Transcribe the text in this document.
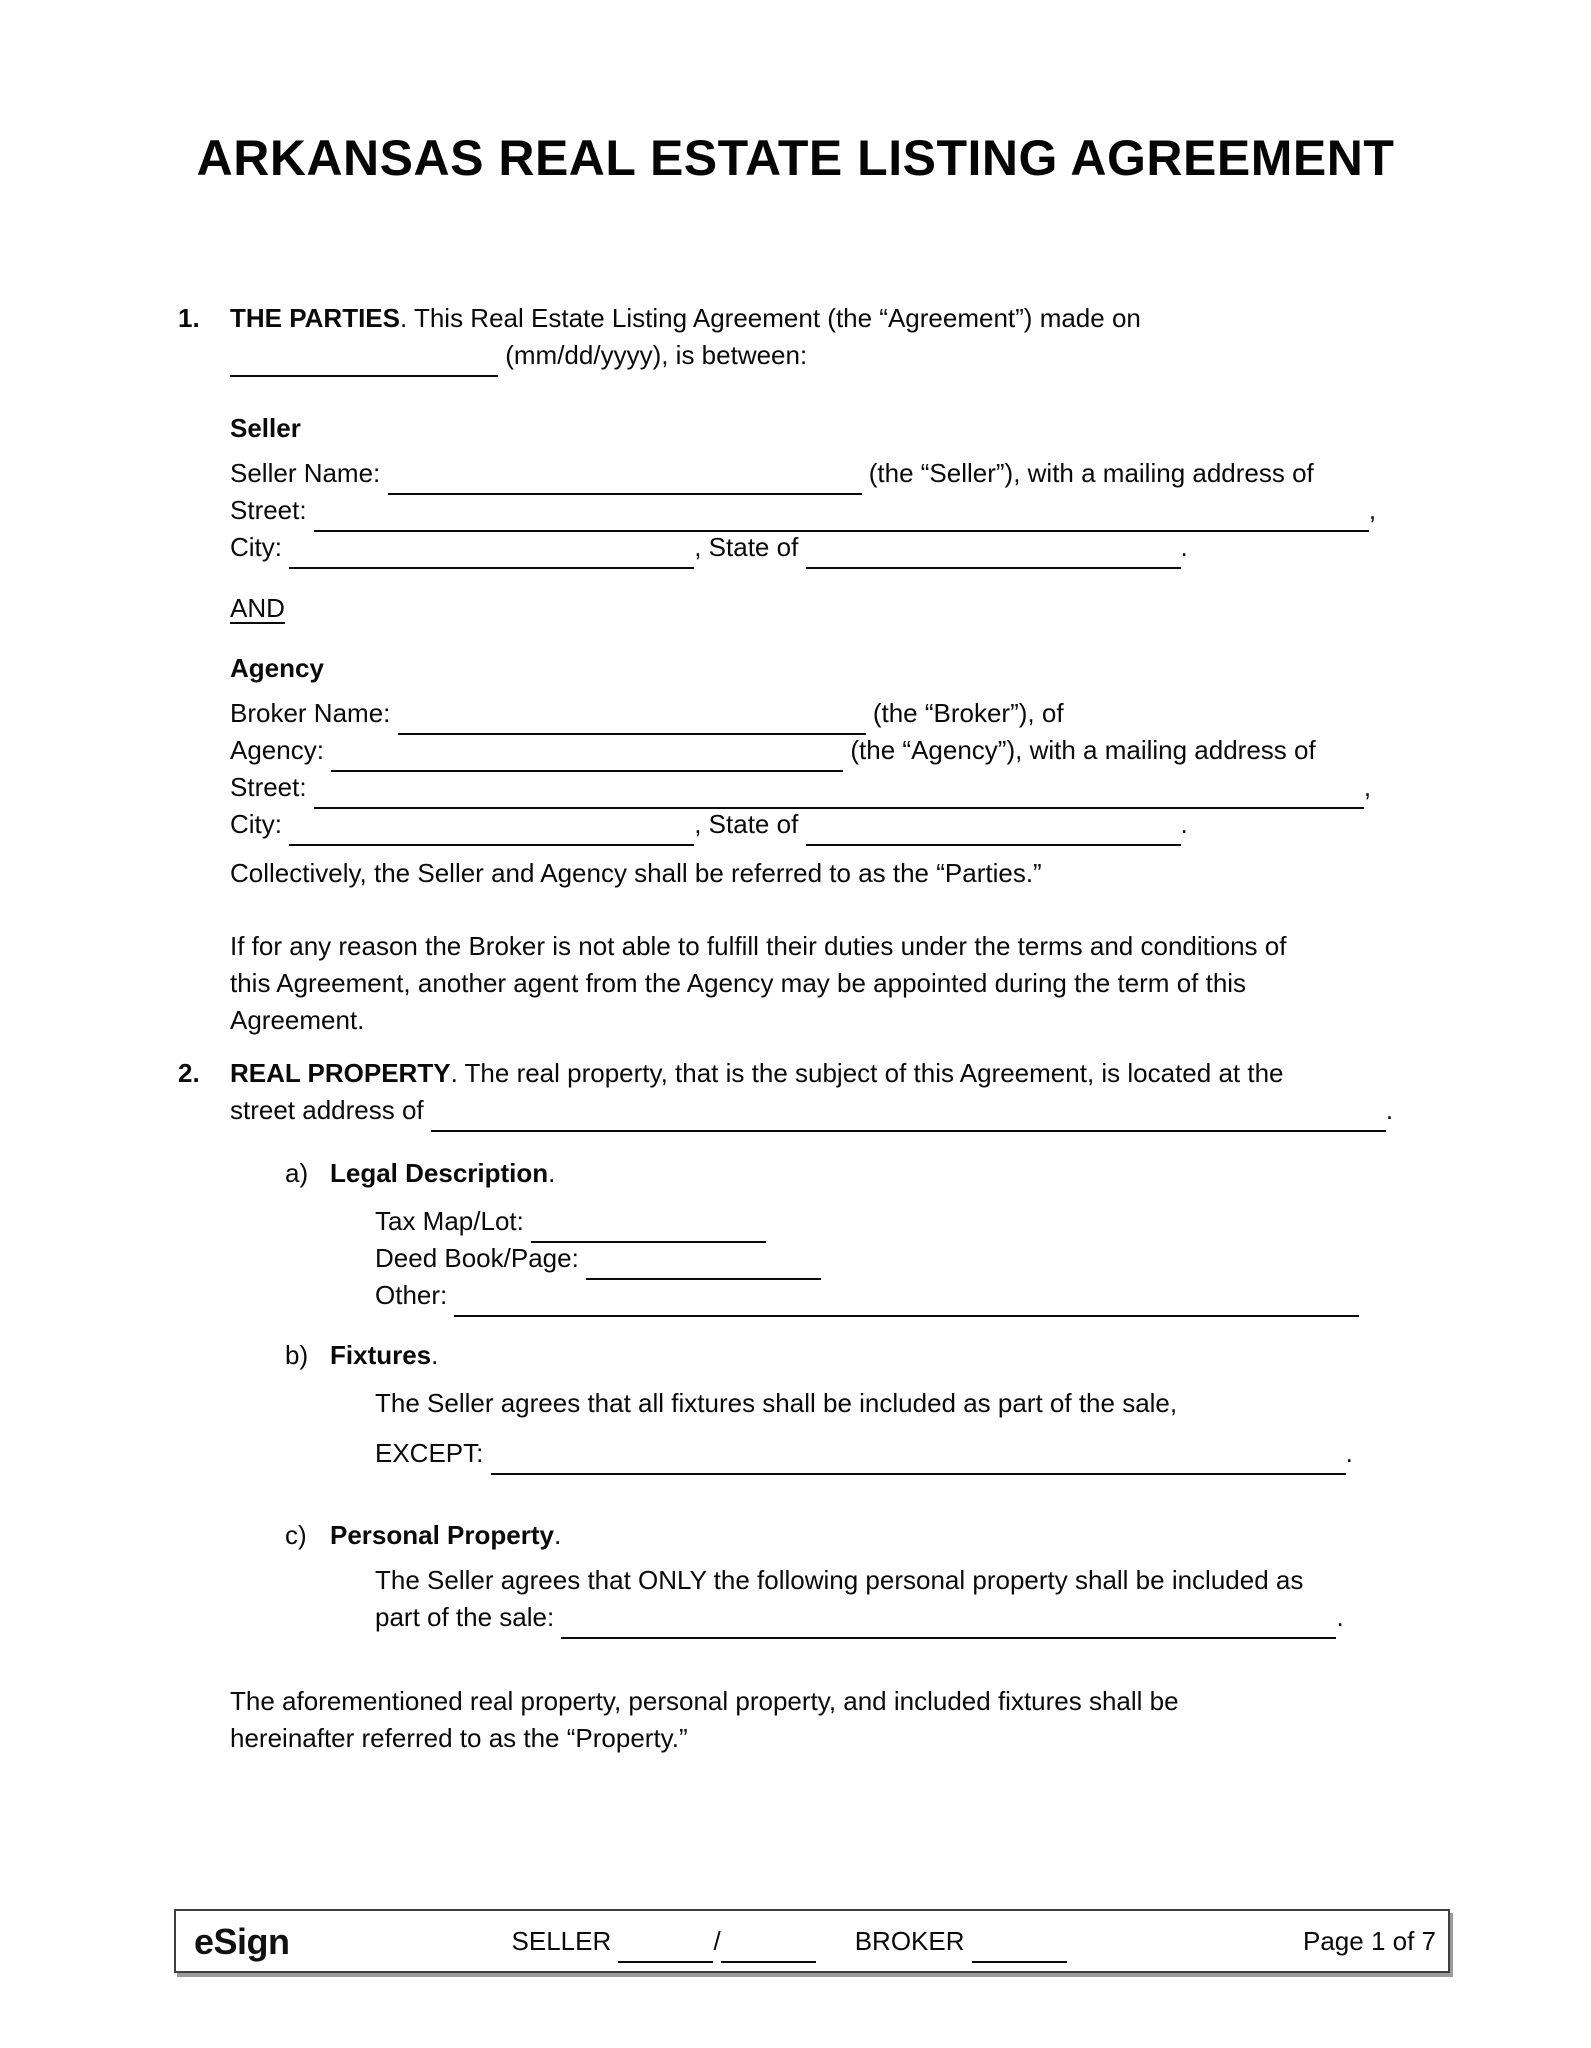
ARKANSAS REAL ESTATE LISTING AGREEMENT
1. THE PARTIES. This Real Estate Listing Agreement (the “Agreement”) made on
(mm/dd/yyyy), is between:
Seller
Seller Name:	(the “Seller”), with a mailing address of
Street:	,
City:	, State of	.
AND
Agency
Broker Name:	(the “Broker”), of
Agency:	(the “Agency”), with a mailing address of
Street:	,
City:	, State of	.
Collectively, the Seller and Agency shall be referred to as the “Parties.”
If for any reason the Broker is not able to fulfill their duties under the terms and conditions of
this Agreement, another agent from the Agency may be appointed during the term of this
Agreement.
2. REAL PROPERTY. The real property, that is the subject of this Agreement, is located at the
street address of	.
a) Legal Description.
Tax Map/Lot:
Deed Book/Page:
Other:
b) Fixtures.
The Seller agrees that all fixtures shall be included as part of the sale,
EXCEPT:	.
c) Personal Property.
The Seller agrees that ONLY the following personal property shall be included as
part of the sale:	.
The aforementioned real property, personal property, and included fixtures shall be
hereinafter referred to as the “Property.”
eSign	SELLER	/	BROKER	Page 1 of 7
